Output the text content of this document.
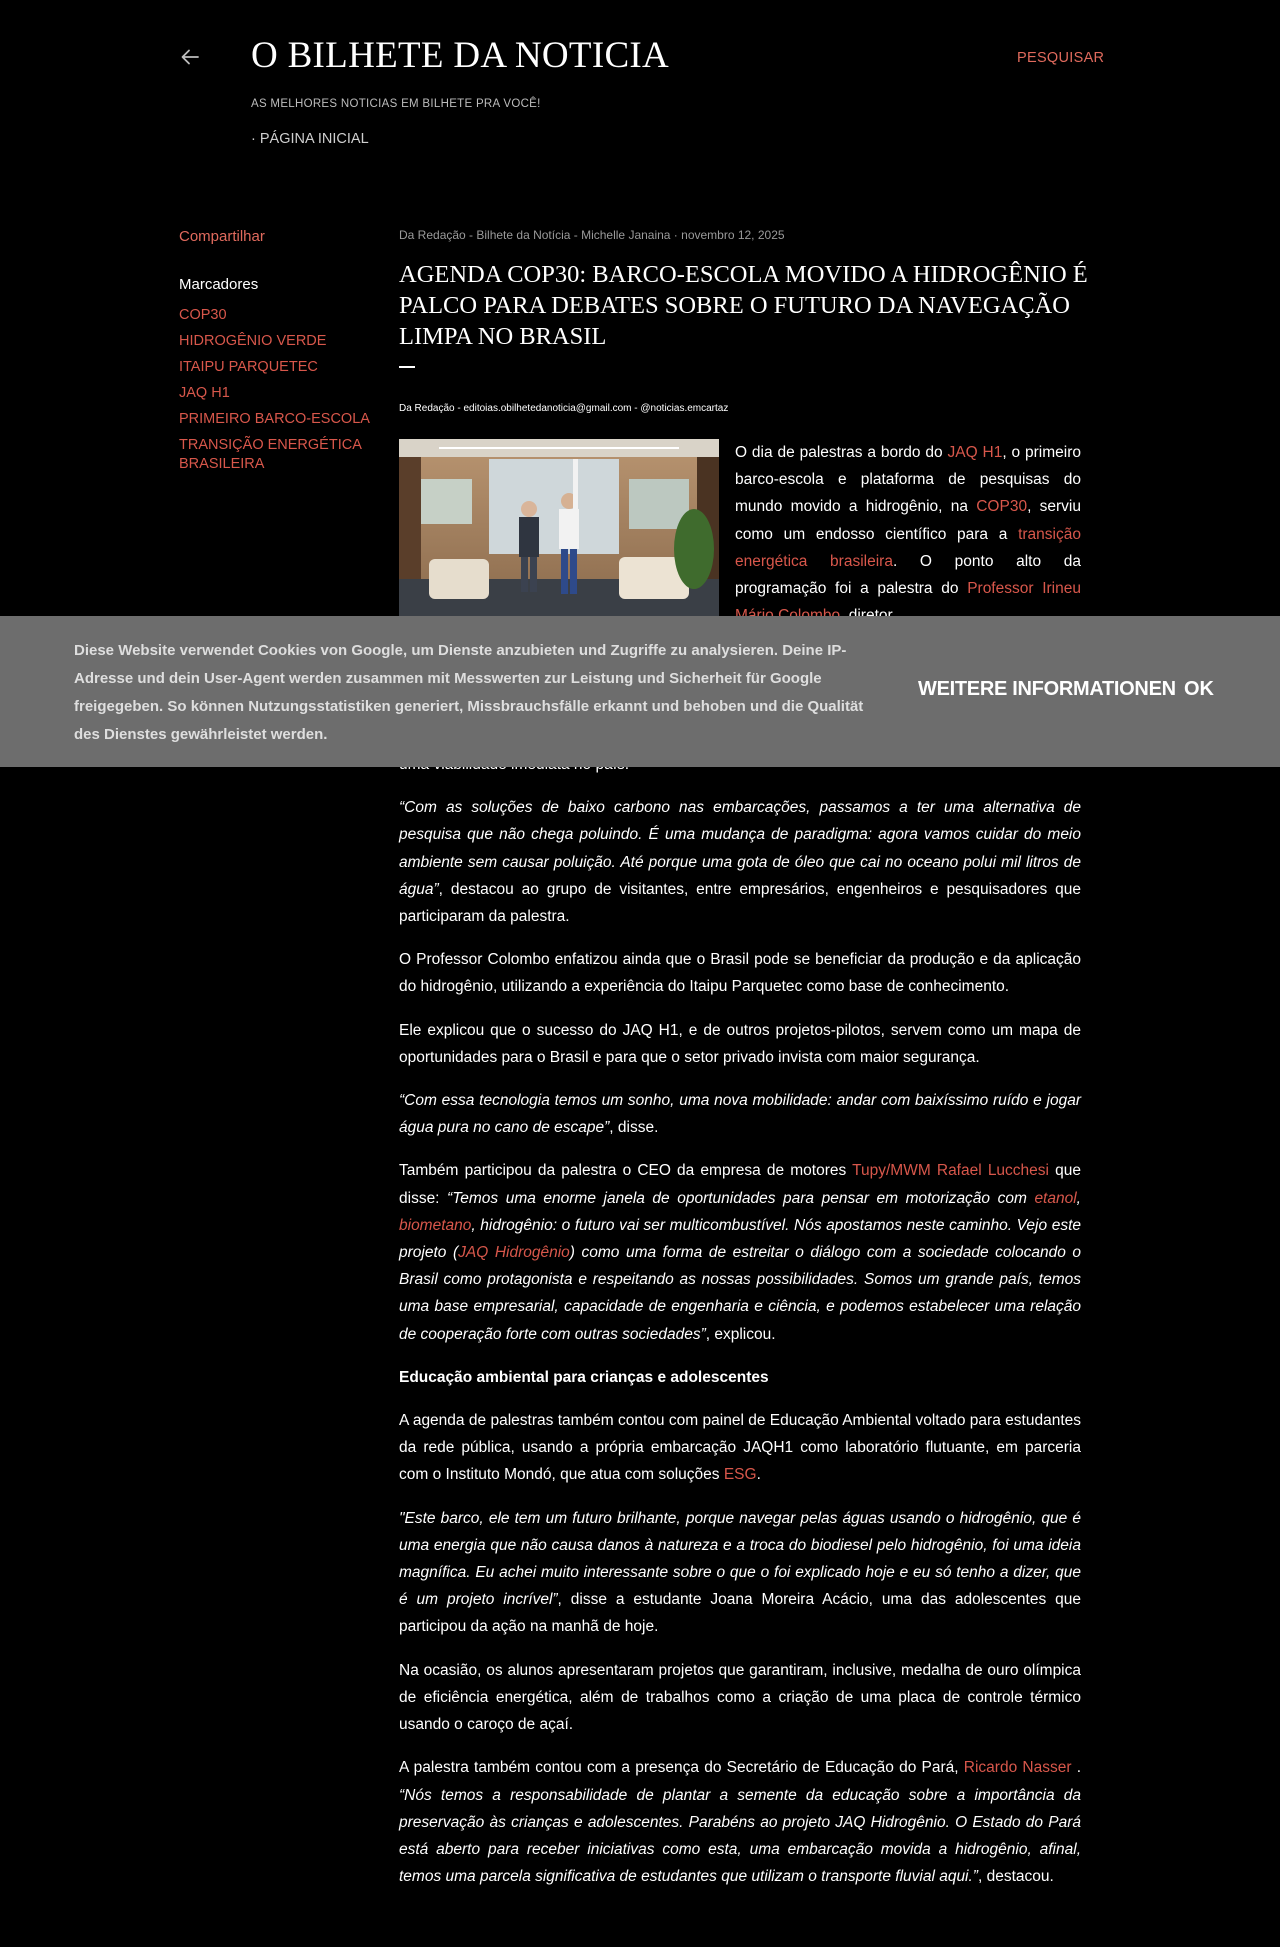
O BILHETE DA NOTICIA
AS MELHORES NOTICIAS EM BILHETE PRA VOCÊ!
· PÁGINA INICIAL
PESQUISAR
Compartilhar
Marcadores
COP30
HIDROGÊNIO VERDE
ITAIPU PARQUETEC
JAQ H1
PRIMEIRO BARCO-ESCOLA
TRANSIÇÃO ENERGÉTICA BRASILEIRA
Da Redação - Bilhete da Notícia - Michelle Janaina · novembro 12, 2025
AGENDA COP30: BARCO-ESCOLA MOVIDO A HIDROGÊNIO É PALCO PARA DEBATES SOBRE O FUTURO DA NAVEGAÇÃO LIMPA NO BRASIL
Da Redação - editoias.obilhetedanoticia@gmail.com - @noticias.emcartaz

O dia de palestras a bordo do JAQ H1, o primeiro barco-escola e plataforma de pesquisas do mundo movido a hidrogênio, na COP30, serviu como um endosso científico para a transição energética brasileira. O ponto alto da programação foi a palestra do Professor Irineu

“Com as soluções de baixo carbono nas embarcações, passamos a ter uma alternativa de pesquisa que não chega poluindo. É uma mudança de paradigma: agora vamos cuidar do meio ambiente sem causar poluição. Até porque uma gota de óleo que cai no oceano polui mil litros de água”, destacou ao grupo de visitantes, entre empresários, engenheiros e pesquisadores que participaram da palestra.

O Professor Colombo enfatizou ainda que o Brasil pode se beneficiar da produção e da aplicação do hidrogênio, utilizando a experiência do Itaipu Parquetec como base de conhecimento.

Ele explicou que o sucesso do JAQ H1, e de outros projetos-pilotos, servem como um mapa de oportunidades para o Brasil e para que o setor privado invista com maior segurança.

“Com essa tecnologia temos um sonho, uma nova mobilidade: andar com baixíssimo ruído e jogar água pura no cano de escape”, disse.

Também participou da palestra o CEO da empresa de motores Tupy/MWM Rafael Lucchesi que disse: “Temos uma enorme janela de oportunidades para pensar em motorização com etanol, biometano, hidrogênio: o futuro vai ser multicombustível. Nós apostamos neste caminho. Vejo este projeto (JAQ Hidrogênio) como uma forma de estreitar o diálogo com a sociedade colocando o Brasil como protagonista e respeitando as nossas possibilidades. Somos um grande país, temos uma base empresarial, capacidade de engenharia e ciência, e podemos estabelecer uma relação de cooperação forte com outras sociedades”, explicou.

Educação ambiental para crianças e adolescentes

A agenda de palestras também contou com painel de Educação Ambiental voltado para estudantes da rede pública, usando a própria embarcação JAQH1 como laboratório flutuante, em parceria com o Instituto Mondó, que atua com soluções ESG.

"Este barco, ele tem um futuro brilhante, porque navegar pelas águas usando o hidrogênio, que é uma energia que não causa danos à natureza e a troca do biodiesel pelo hidrogênio, foi uma ideia magnífica. Eu achei muito interessante sobre o que o foi explicado hoje e eu só tenho a dizer, que é um projeto incrível”, disse a estudante Joana Moreira Acácio, uma das adolescentes que participou da ação na manhã de hoje.

Na ocasião, os alunos apresentaram projetos que garantiram, inclusive, medalha de ouro olímpica de eficiência energética, além de trabalhos como a criação de uma placa de controle térmico usando o caroço de açaí.

A palestra também contou com a presença do Secretário de Educação do Pará, Ricardo Nasser . “Nós temos a responsabilidade de plantar a semente da educação sobre a importância da preservação às crianças e adolescentes. Parabéns ao projeto JAQ Hidrogênio. O Estado do Pará está aberto para receber iniciativas como esta, uma embarcação movida a hidrogênio, afinal, temos uma parcela significativa de estudantes que utilizam o transporte fluvial aqui.”, destacou.

Diese Website verwendet Cookies von Google, um Dienste anzubieten und Zugriffe zu analysieren. Deine IP-Adresse und dein User-Agent werden zusammen mit Messwerten zur Leistung und Sicherheit für Google freigegeben. So können Nutzungsstatistiken generiert, Missbrauchsfälle erkannt und behoben und die Qualität des Dienstes gewährleistet werden.

WEITERE INFORMATIONEN OK
